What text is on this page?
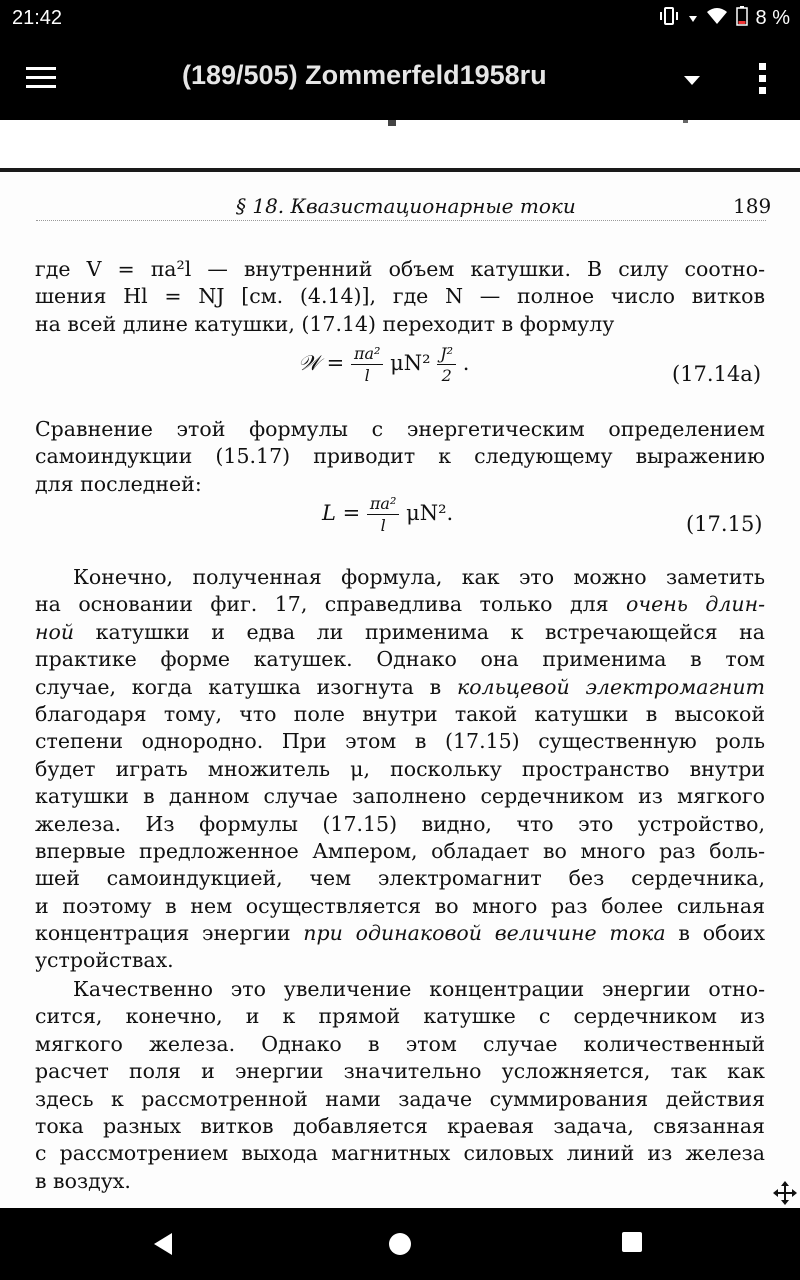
21:42	8 %
(189/505) Zommerfeld1958ru
§ 18. Квазистационарные токи	189
где V = πa²l — внутренний объем катушки. В силу соотно-
шения Hl = NJ [см. (4.14)], где N — полное число витков
на всей длине катушки, (17.14) переходит в формулу
𝒲 = $\frac{\text{πa²}}{l} \mu N^2 \frac{\text{J²}}{2}$ .	(17.14a)
Сравнение этой формулы с энергетическим определением
самоиндукции (15.17) приводит к следующему выражению
для последней:
$L = \frac{\text{πa²}}{l} \mu N^2$.	(17.15)
Конечно, полученная формула, как это можно заметить
на основании фиг. 17, справедлива только для очень длин-
ной катушки и едва ли применима к встречающейся на
практике форме катушек. Однако она применима в том
случае, когда катушка изогнута в кольцевой электромагнит
благодаря тому, что поле внутри такой катушки в высокой
степени однородно. При этом в (17.15) существенную роль
будет играть множитель μ, поскольку пространство внутри
катушки в данном случае заполнено сердечником из мягкого
железа. Из формулы (17.15) видно, что это устройство,
впервые предложенное Ампером, обладает во много раз боль-
шей самоиндукцией, чем электромагнит без сердечника,
и поэтому в нем осуществляется во много раз более сильная
концентрация энергии при одинаковой величине тока в обоих
устройствах.
Качественно это увеличение концентрации энергии отно-
сится, конечно, и к прямой катушке с сердечником из
мягкого железа. Однако в этом случае количественный
расчет поля и энергии значительно усложняется, так как
здесь к рассмотренной нами задаче суммирования действия
тока разных витков добавляется краевая задача, связанная
с рассмотрением выхода магнитных силовых линий из железа
в воздух.
